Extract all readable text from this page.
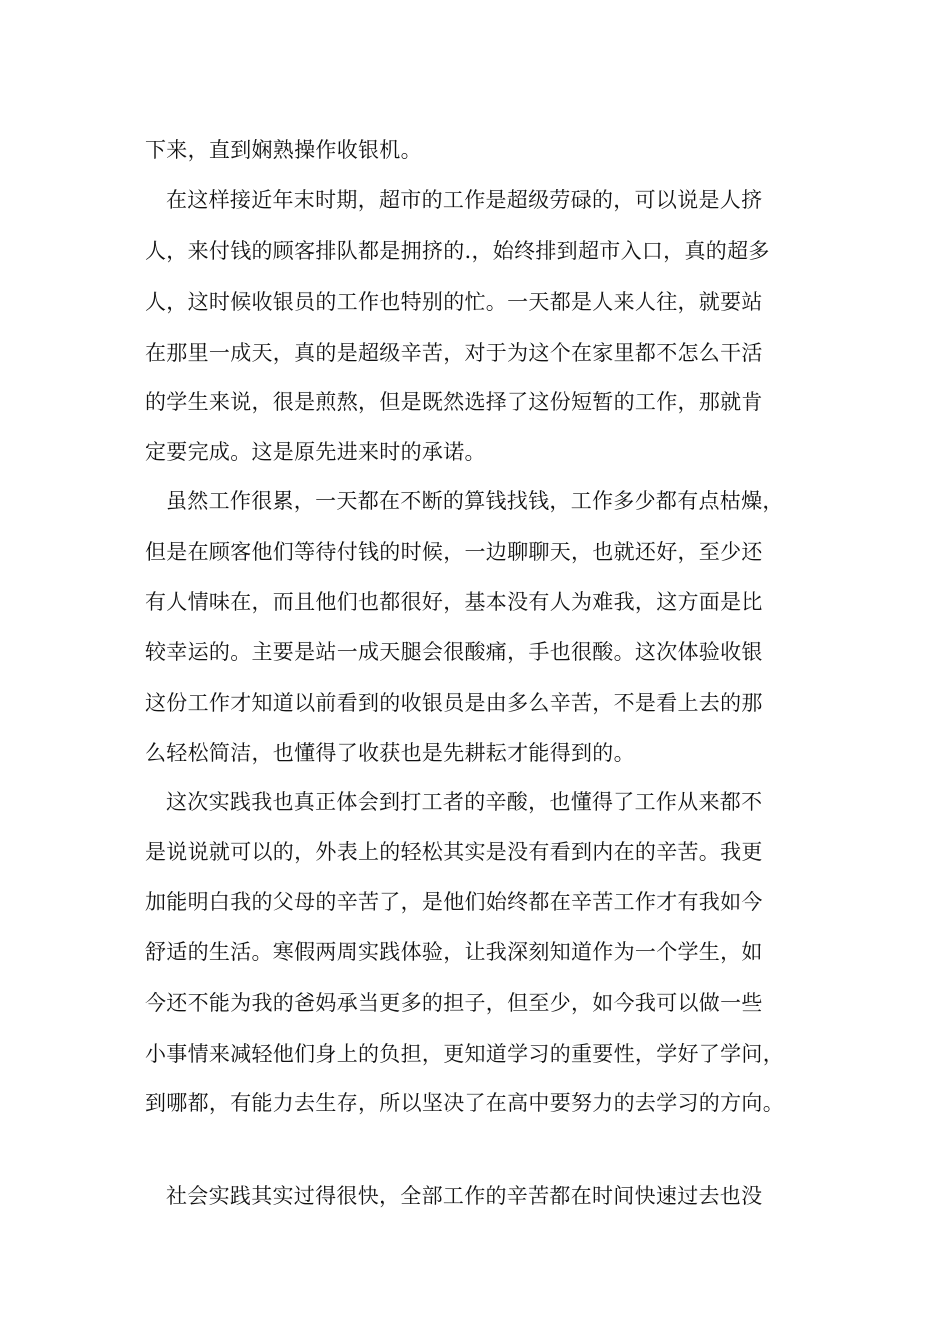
下来，直到娴熟操作收银机。
在这样接近年末时期，超市的工作是超级劳碌的，可以说是人挤
人，来付钱的顾客排队都是拥挤的.，始终排到超市入口，真的超多
人，这时候收银员的工作也特别的忙。一天都是人来人往，就要站
在那里一成天，真的是超级辛苦，对于为这个在家里都不怎么干活
的学生来说，很是煎熬，但是既然选择了这份短暂的工作，那就肯
定要完成。这是原先进来时的承诺。
虽然工作很累，一天都在不断的算钱找钱，工作多少都有点枯燥，
但是在顾客他们等待付钱的时候，一边聊聊天，也就还好，至少还
有人情味在，而且他们也都很好，基本没有人为难我，这方面是比
较幸运的。主要是站一成天腿会很酸痛，手也很酸。这次体验收银
这份工作才知道以前看到的收银员是由多么辛苦，不是看上去的那
么轻松简洁，也懂得了收获也是先耕耘才能得到的。
这次实践我也真正体会到打工者的辛酸，也懂得了工作从来都不
是说说就可以的，外表上的轻松其实是没有看到内在的辛苦。我更
加能明白我的父母的辛苦了，是他们始终都在辛苦工作才有我如今
舒适的生活。寒假两周实践体验，让我深刻知道作为一个学生，如
今还不能为我的爸妈承当更多的担子，但至少，如今我可以做一些
小事情来减轻他们身上的负担，更知道学习的重要性，学好了学问，
到哪都，有能力去生存，所以坚决了在高中要努力的去学习的方向。
社会实践其实过得很快，全部工作的辛苦都在时间快速过去也没
